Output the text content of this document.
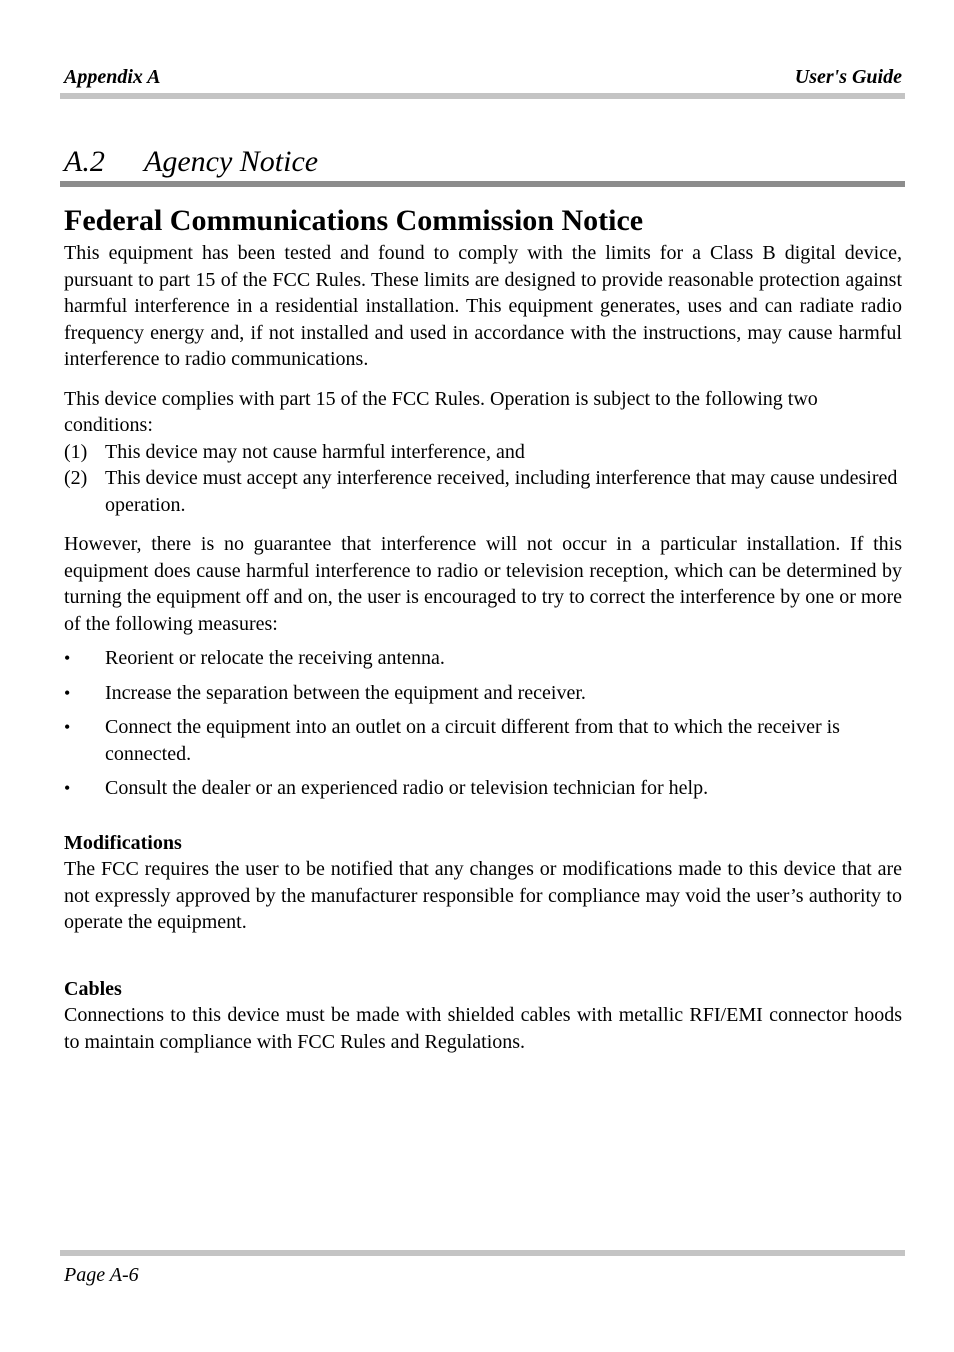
Appendix A	User's Guide
A.2 Agency Notice
Federal Communications Commission Notice

This equipment has been tested and found to comply with the limits for a Class B digital device, pursuant to part 15 of the FCC Rules. These limits are designed to provide reasonable protection against harmful interference in a residential installation. This equipment generates, uses and can radiate radio frequency energy and, if not installed and used in accordance with the instructions, may cause harmful interference to radio communications.

This device complies with part 15 of the FCC Rules. Operation is subject to the following two conditions:

(1) This device may not cause harmful interference, and
(2) This device must accept any interference received, including interference that may cause undesired operation.

However, there is no guarantee that interference will not occur in a particular installation. If this equipment does cause harmful interference to radio or television reception, which can be determined by turning the equipment off and on, the user is encouraged to try to correct the interference by one or more of the following measures:

•	Reorient or relocate the receiving antenna.
•	Increase the separation between the equipment and receiver.
•	Connect the equipment into an outlet on a circuit different from that to which the receiver is connected.
•	Consult the dealer or an experienced radio or television technician for help.

Modifications

The FCC requires the user to be notified that any changes or modifications made to this device that are not expressly approved by the manufacturer responsible for compliance may void the user’s authority to operate the equipment.

Cables

Connections to this device must be made with shielded cables with metallic RFI/EMI connector hoods to maintain compliance with FCC Rules and Regulations.

Page A-6
